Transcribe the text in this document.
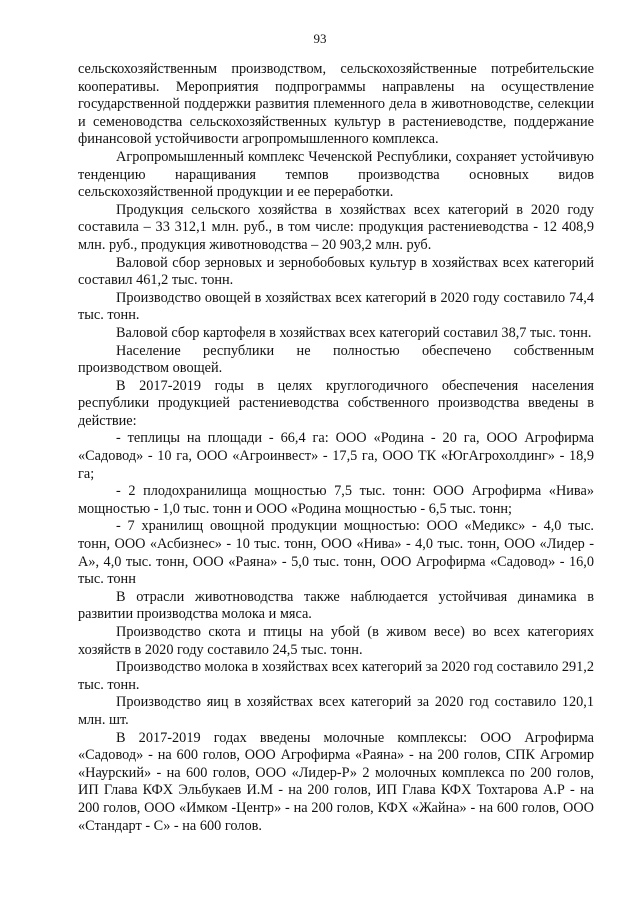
93

сельскохозяйственным производством, сельскохозяйственные потребительские кооперативы. Мероприятия подпрограммы направлены на осуществление государственной поддержки развития племенного дела в животноводстве, селекции и семеноводства сельскохозяйственных культур в растениеводстве, поддержание финансовой устойчивости агропромышленного комплекса.

Агропромышленный комплекс Чеченской Республики, сохраняет устойчивую тенденцию наращивания темпов производства основных видов сельскохозяйственной продукции и ее переработки.

Продукция сельского хозяйства в хозяйствах всех категорий в 2020 году составила – 33 312,1 млн. руб., в том числе: продукция растениеводства - 12 408,9 млн. руб., продукция животноводства – 20 903,2 млн. руб.

Валовой сбор зерновых и зернобобовых культур в хозяйствах всех категорий составил 461,2 тыс. тонн.

Производство овощей в хозяйствах всех категорий в 2020 году составило 74,4 тыс. тонн.

Валовой сбор картофеля в хозяйствах всех категорий составил 38,7 тыс. тонн.

Население республики не полностью обеспечено собственным производством овощей.

В 2017-2019 годы в целях круглогодичного обеспечения населения республики продукцией растениеводства собственного производства введены в действие:

- теплицы на площади - 66,4 га: ООО «Родина - 20 га, ООО Агрофирма «Садовод» - 10 га, ООО «Агроинвест» - 17,5 га, ООО ТК «ЮгАгрохолдинг» - 18,9 га;

- 2 плодохранилища мощностью 7,5 тыс. тонн: ООО Агрофирма «Нива» мощностью - 1,0 тыс. тонн и ООО «Родина мощностью - 6,5 тыс. тонн;

- 7 хранилищ овощной продукции мощностью: ООО «Медикс» - 4,0 тыс. тонн, ООО «Асбизнес» - 10 тыс. тонн, ООО «Нива» - 4,0 тыс. тонн, ООО «Лидер - А», 4,0 тыс. тонн, ООО «Раяна» - 5,0 тыс. тонн, ООО Агрофирма «Садовод» - 16,0 тыс. тонн

В отрасли животноводства также наблюдается устойчивая динамика в развитии производства молока и мяса.

Производство скота и птицы на убой (в живом весе) во всех категориях хозяйств в 2020 году составило 24,5 тыс. тонн.

Производство молока в хозяйствах всех категорий за 2020 год составило 291,2 тыс. тонн.

Производство яиц в хозяйствах всех категорий за 2020 год составило 120,1 млн. шт.

В 2017-2019 годах введены молочные комплексы: ООО Агрофирма «Садовод» - на 600 голов, ООО Агрофирма «Раяна» - на 200 голов, СПК Агромир «Наурский» - на 600 голов, ООО «Лидер-Р» 2 молочных комплекса по 200 голов, ИП Глава КФХ Эльбукаев И.М - на 200 голов, ИП Глава КФХ Тохтарова А.Р - на 200 голов, ООО «Имком -Центр» - на 200 голов, КФХ «Жайна» - на 600 голов, ООО «Стандарт - С» - на 600 голов.
